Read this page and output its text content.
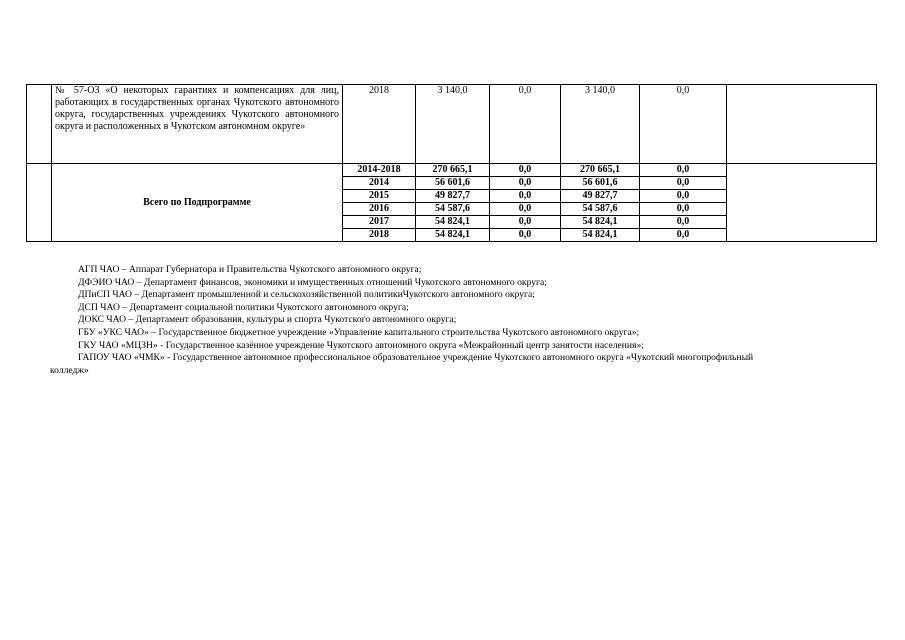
	№ 57-ОЗ «О некоторых гарантиях и компенсациях для лиц, работающих в государственных органах Чукотского автономного округа, государственных учреждениях Чукотского автономного округа и расположенных в Чукотском автономном округе»	2018	3 140,0	0,0	3 140,0	0,0	
	Всего по Подпрограмме	2014-2018	270 665,1	0,0	270 665,1	0,0	
		2014	56 601,6	0,0	56 601,6	0,0	
		2015	49 827,7	0,0	49 827,7	0,0	
		2016	54 587,6	0,0	54 587,6	0,0	
		2017	54 824,1	0,0	54 824,1	0,0	
		2018	54 824,1	0,0	54 824,1	0,0	
АГП ЧАО – Аппарат Губернатора и Правительства Чукотского автономного округа;
ДФЭИО ЧАО – Департамент финансов, экономики и имущественных отношений Чукотского автономного округа;
ДПиСП ЧАО – Департамент промышленной и сельскохозяйственной политикиЧукотского автономного округа;
ДСП ЧАО – Департамент социальной политики Чукотского автономного округа;
ДОКС ЧАО – Департамент образования, культуры и спорта Чукотского автономного округа;
ГБУ «УКС ЧАО» – Государственное бюджетное учреждение «Управление капитального строительства Чукотского автономного округа»;
ГКУ ЧАО «МЦЗН» - Государственное казённое учреждение Чукотского автономного округа «Межрайонный центр занятости населения»;
ГАПОУ ЧАО «ЧМК» - Государственное автономное профессиональное образовательное учреждение Чукотского автономного округа «Чукотский многопрофильный
колледж»
